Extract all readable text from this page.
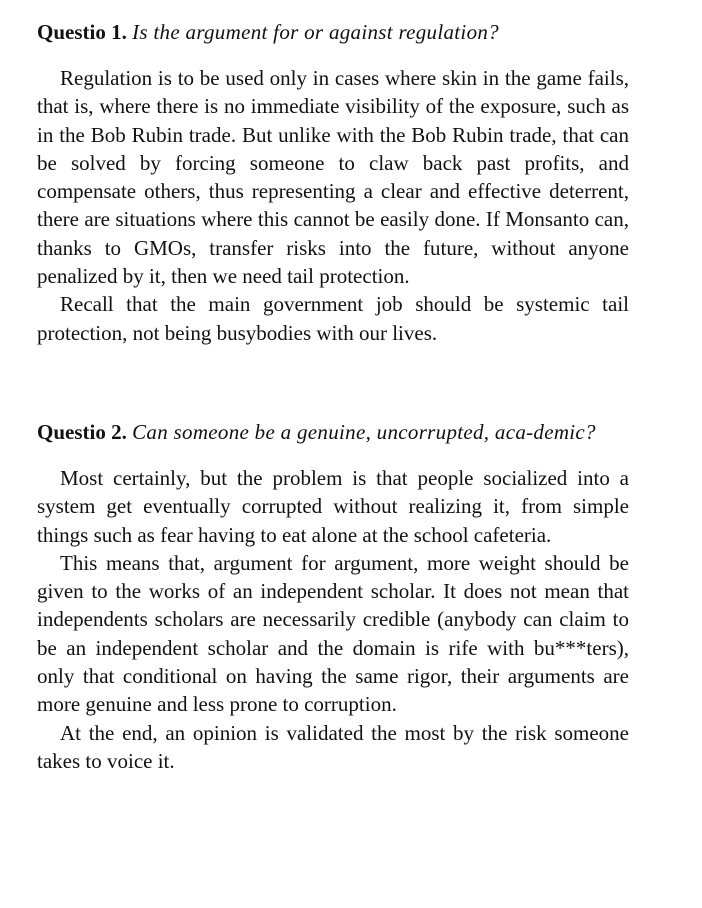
Questio 1. Is the argument for or against regulation?

Regulation is to be used only in cases where skin in the game fails, that is, where there is no immediate visibility of the exposure, such as in the Bob Rubin trade. But unlike with the Bob Rubin trade, that can be solved by forcing someone to claw back past profits, and compensate others, thus representing a clear and effective deterrent, there are situations where this cannot be easily done. If Monsanto can, thanks to GMOs, transfer risks into the future, without anyone penalized by it, then we need tail protection.

Recall that the main government job should be systemic tail protection, not being busybodies with our lives.

Questio 2. Can someone be a genuine, uncorrupted, aca-demic?

Most certainly, but the problem is that people socialized into a system get eventually corrupted without realizing it, from simple things such as fear having to eat alone at the school cafeteria.

This means that, argument for argument, more weight should be given to the works of an independent scholar. It does not mean that independents scholars are necessarily credible (anybody can claim to be an independent scholar and the domain is rife with bu***ters), only that conditional on having the same rigor, their arguments are more genuine and less prone to corruption.

At the end, an opinion is validated the most by the risk someone takes to voice it.
